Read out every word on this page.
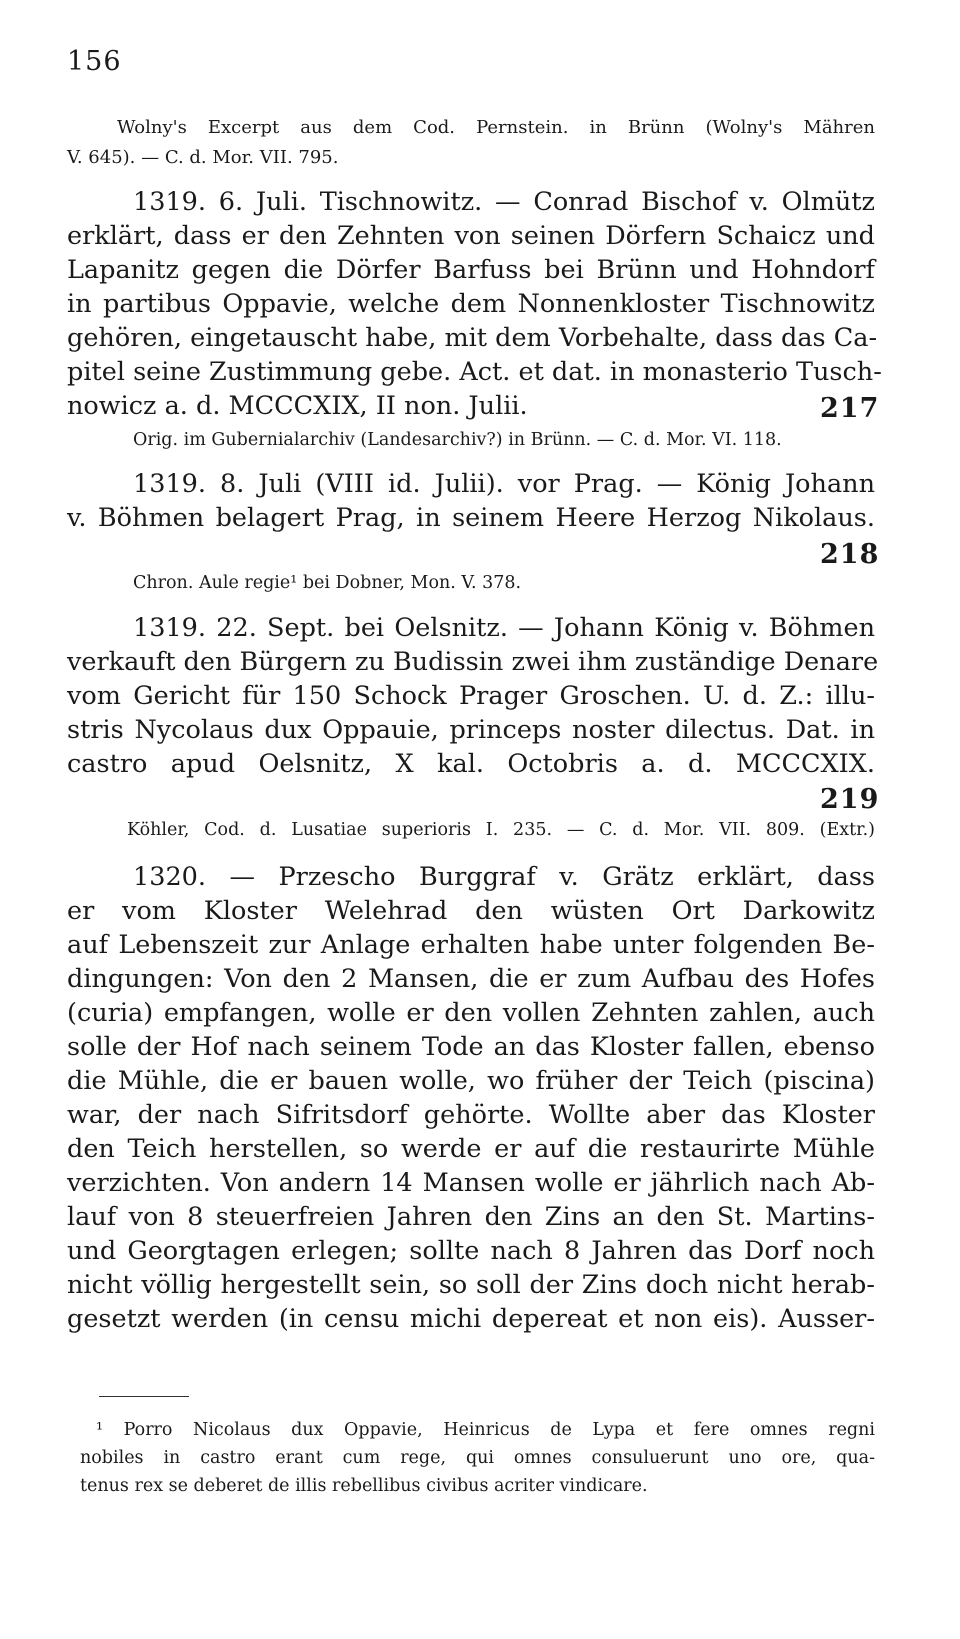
156
Wolny's Excerpt aus dem Cod. Pernstein. in Brünn (Wolny's Mähren
V. 645). — C. d. Mor. VII. 795.
1319. 6. Juli. Tischnowitz. — Conrad Bischof v. Olmütz
erklärt, dass er den Zehnten von seinen Dörfern Schaicz und
Lapanitz gegen die Dörfer Barfuss bei Brünn und Hohndorf
in partibus Oppavie, welche dem Nonnenkloster Tischnowitz
gehören, eingetauscht habe, mit dem Vorbehalte, dass das Ca-
pitel seine Zustimmung gebe. Act. et dat. in monasterio Tusch-
nowicz a. d. MCCCXIX, II non. Julii.	217
Orig. im Gubernialarchiv (Landesarchiv?) in Brünn. — C. d. Mor. VI. 118.
1319. 8. Juli (VIII id. Julii). vor Prag. — König Johann
v. Böhmen belagert Prag, in seinem Heere Herzog Nikolaus.
218
Chron. Aule regie¹ bei Dobner, Mon. V. 378.
1319. 22. Sept. bei Oelsnitz. — Johann König v. Böhmen
verkauft den Bürgern zu Budissin zwei ihm zuständige Denare
vom Gericht für 150 Schock Prager Groschen. U. d. Z.: illu-
stris Nycolaus dux Oppauie, princeps noster dilectus. Dat. in
castro apud Oelsnitz, X kal. Octobris a. d. MCCCXIX.
219
Köhler, Cod. d. Lusatiae superioris I. 235. — C. d. Mor. VII. 809. (Extr.)
1320. — Przescho Burggraf v. Grätz erklärt, dass
er vom Kloster Welehrad den wüsten Ort Darkowitz
auf Lebenszeit zur Anlage erhalten habe unter folgenden Be-
dingungen: Von den 2 Mansen, die er zum Aufbau des Hofes
(curia) empfangen, wolle er den vollen Zehnten zahlen, auch
solle der Hof nach seinem Tode an das Kloster fallen, ebenso
die Mühle, die er bauen wolle, wo früher der Teich (piscina)
war, der nach Sifritsdorf gehörte. Wollte aber das Kloster
den Teich herstellen, so werde er auf die restaurirte Mühle
verzichten. Von andern 14 Mansen wolle er jährlich nach Ab-
lauf von 8 steuerfreien Jahren den Zins an den St. Martins-
und Georgtagen erlegen; sollte nach 8 Jahren das Dorf noch
nicht völlig hergestellt sein, so soll der Zins doch nicht herab-
gesetzt werden (in censu michi depereat et non eis). Ausser-
¹ Porro Nicolaus dux Oppavie, Heinricus de Lypa et fere omnes regni
nobiles in castro erant cum rege, qui omnes consuluerunt uno ore, qua-
tenus rex se deberet de illis rebellibus civibus acriter vindicare.
